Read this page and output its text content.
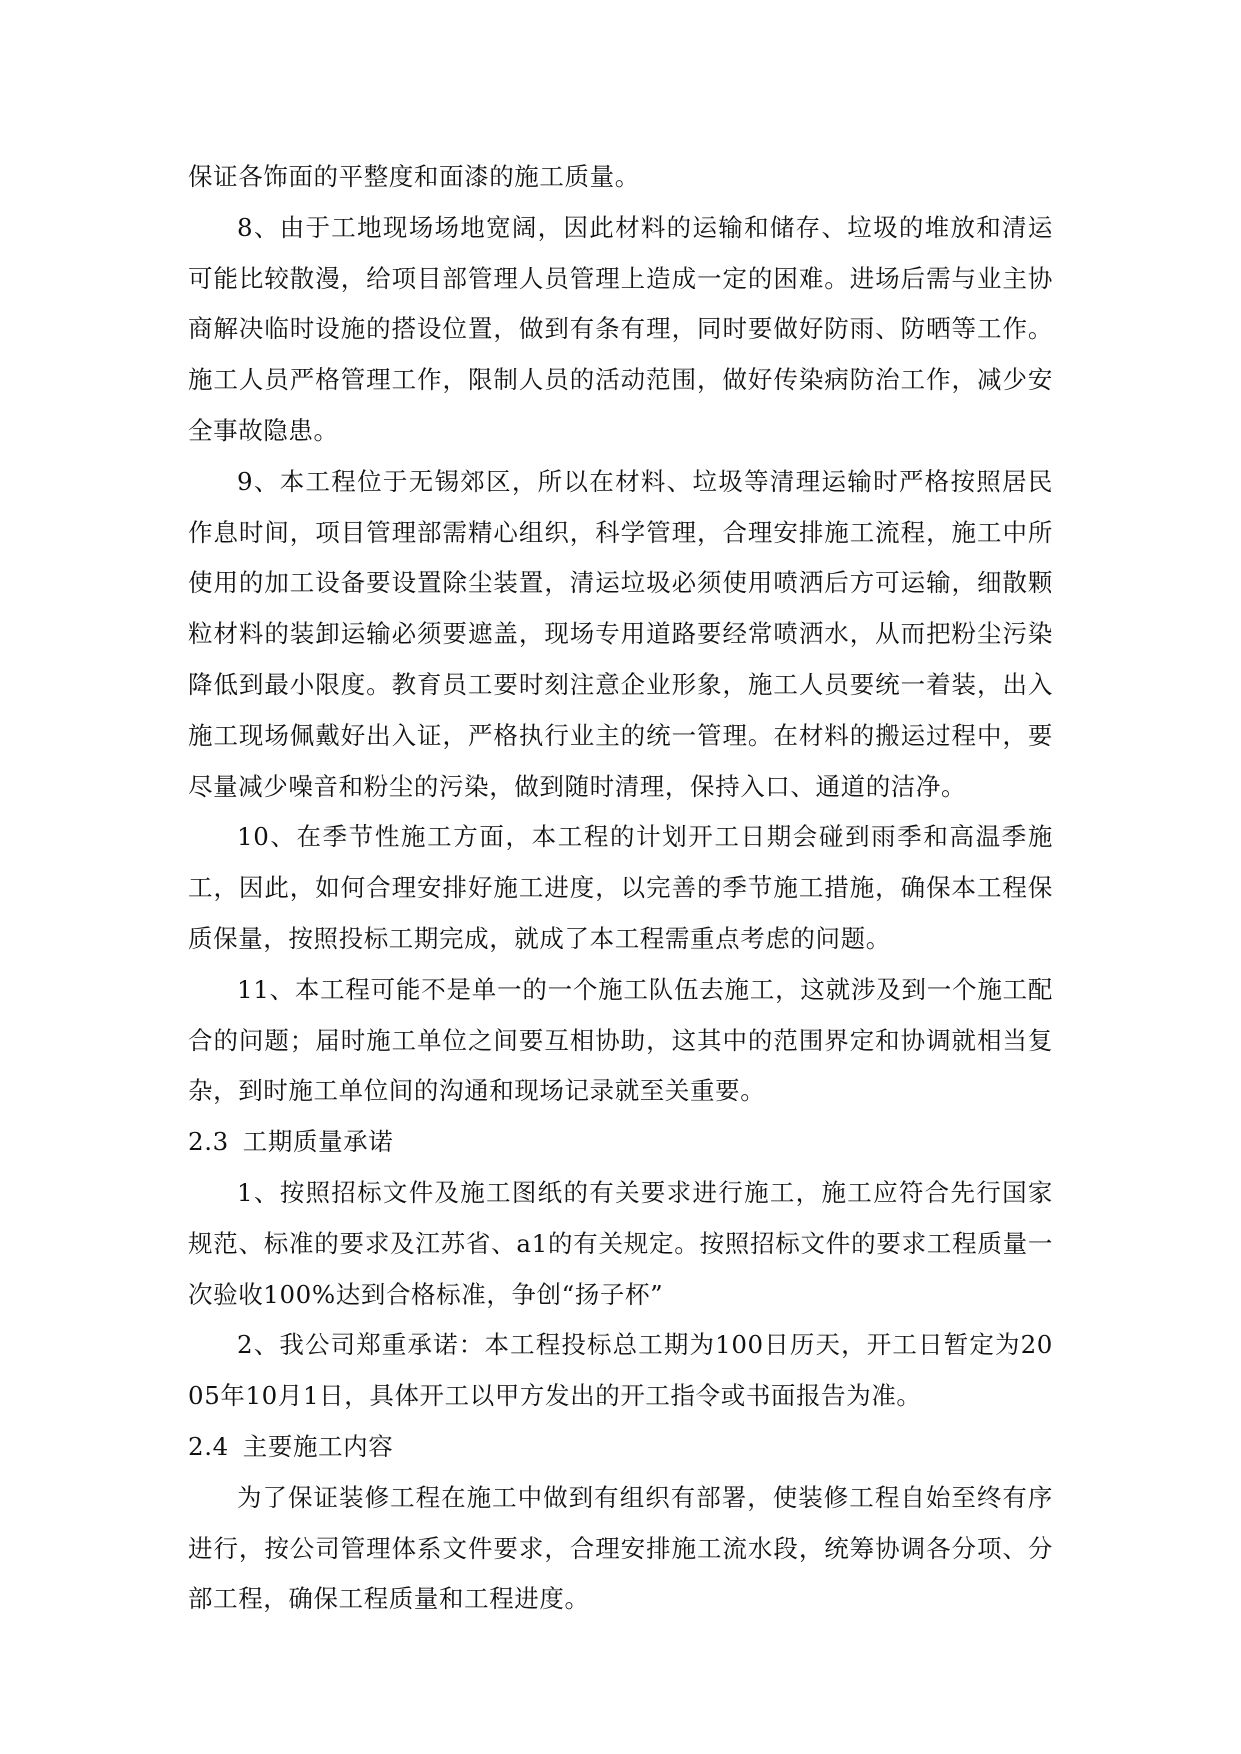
保证各饰面的平整度和面漆的施工质量。

8、由于工地现场场地宽阔，因此材料的运输和储存、垃圾的堆放和清运可能比较散漫，给项目部管理人员管理上造成一定的困难。进场后需与业主协商解决临时设施的搭设位置，做到有条有理，同时要做好防雨、防晒等工作。施工人员严格管理工作，限制人员的活动范围，做好传染病防治工作，减少安全事故隐患。

9、本工程位于无锡郊区，所以在材料、垃圾等清理运输时严格按照居民作息时间，项目管理部需精心组织，科学管理，合理安排施工流程，施工中所使用的加工设备要设置除尘装置，清运垃圾必须使用喷洒后方可运输，细散颗粒材料的装卸运输必须要遮盖，现场专用道路要经常喷洒水，从而把粉尘污染降低到最小限度。教育员工要时刻注意企业形象，施工人员要统一着装，出入施工现场佩戴好出入证，严格执行业主的统一管理。在材料的搬运过程中，要尽量减少噪音和粉尘的污染，做到随时清理，保持入口、通道的洁净。

10、在季节性施工方面，本工程的计划开工日期会碰到雨季和高温季施工，因此，如何合理安排好施工进度，以完善的季节施工措施，确保本工程保质保量，按照投标工期完成，就成了本工程需重点考虑的问题。

11、本工程可能不是单一的一个施工队伍去施工，这就涉及到一个施工配合的问题；届时施工单位之间要互相协助，这其中的范围界定和协调就相当复杂，到时施工单位间的沟通和现场记录就至关重要。

2.3 工期质量承诺

1、按照招标文件及施工图纸的有关要求进行施工，施工应符合先行国家规范、标准的要求及江苏省、a1的有关规定。按照招标文件的要求工程质量一次验收100%达到合格标准，争创“扬子杯”

2、我公司郑重承诺：本工程投标总工期为100日历天，开工日暂定为2005年10月1日，具体开工以甲方发出的开工指令或书面报告为准。

2.4 主要施工内容

为了保证装修工程在施工中做到有组织有部署，使装修工程自始至终有序进行，按公司管理体系文件要求，合理安排施工流水段，统筹协调各分项、分部工程，确保工程质量和工程进度。
